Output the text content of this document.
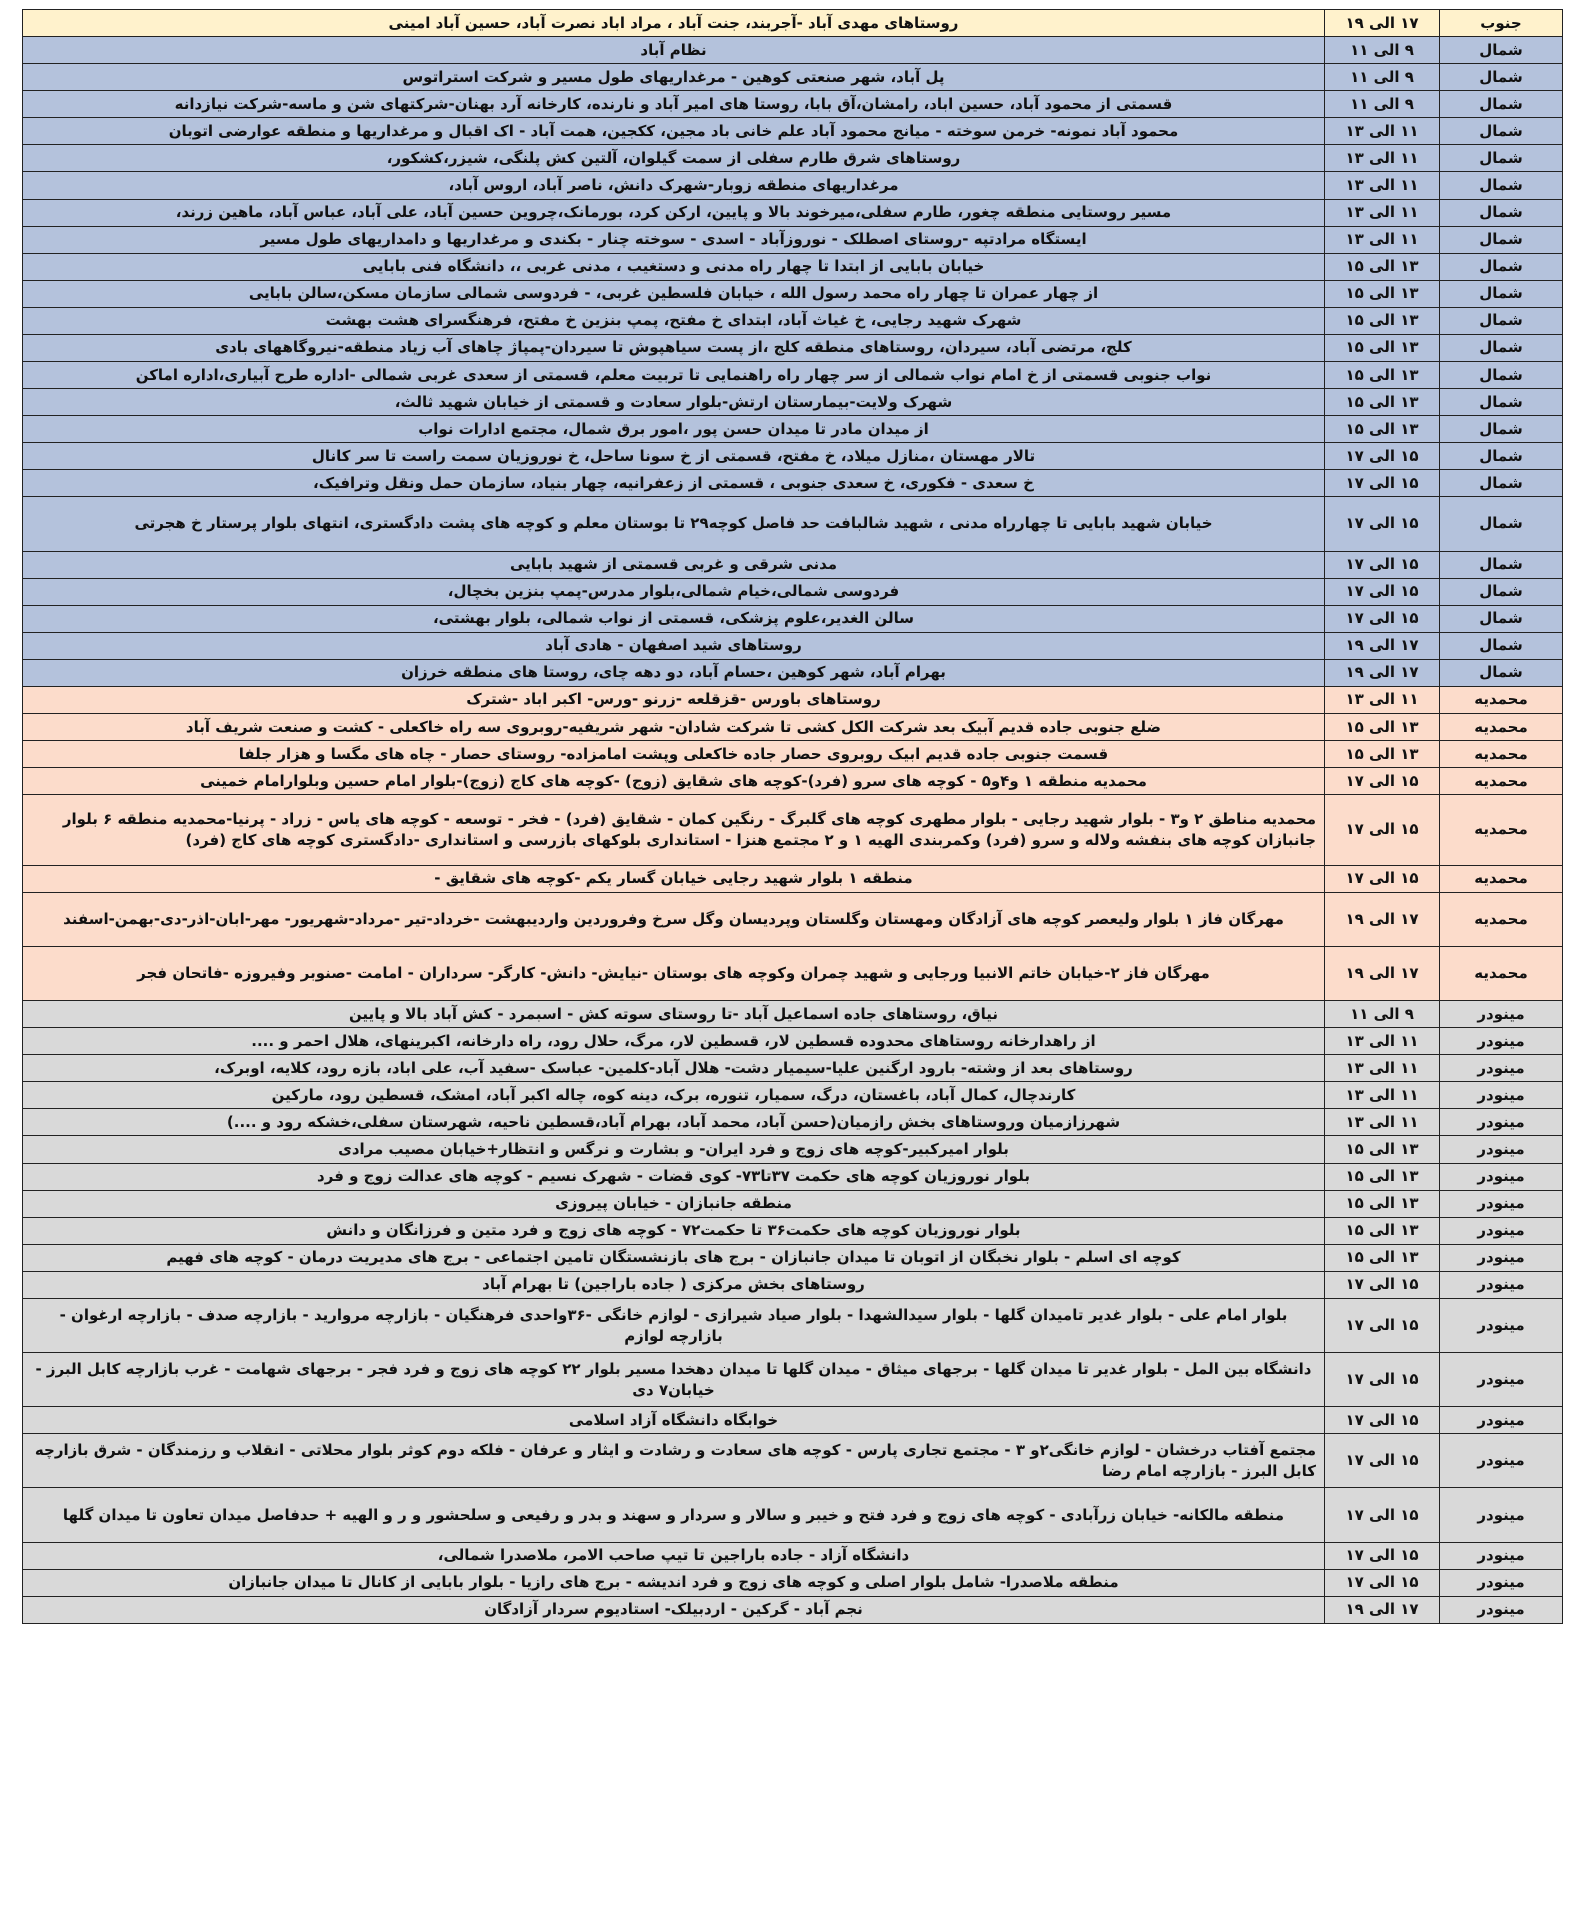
جنوب	۱۷ الی ۱۹	روستاهای مهدی آباد -آجربند، جنت آباد ، مراد اباد نصرت آباد، حسین آباد امینی
شمال	۹ الی ۱۱	نظام آباد
شمال	۹ الی ۱۱	پل آباد، شهر صنعتی کوهین - مرغداریهای طول مسیر و شرکت استراتوس
شمال	۹ الی ۱۱	قسمتی از محمود آباد، حسین اباد، رامشان،آق بابا، روستا های امیر آباد و نارنده، کارخانه آرد بهنان-شرکتهای شن و ماسه-شرکت نیازدانه
شمال	۱۱ الی ۱۳	محمود آباد نمونه- خرمن سوخته - میانج محمود آباد علم خانی باد مجین، ککجین، همت آباد - اک اقبال و مرغداریها و منطقه عوارضی اتوبان
شمال	۱۱ الی ۱۳	روستاهای شرق طارم سفلی از سمت گیلوان، آلتین کش پلنگی، شیزر،کشکور،
شمال	۱۱ الی ۱۳	مرغداریهای منطقه زوبار-شهرک دانش، ناصر آباد، اروس آباد،
شمال	۱۱ الی ۱۳	مسیر روستایی منطقه چغور، طارم سفلی،میرخوند بالا و پایین، ارکن کرد، بورمانک،چروین حسین آباد، علی آباد، عباس آباد، ماهین زرند،
شمال	۱۱ الی ۱۳	ایستگاه مرادتپه -روستای اصطلک - نوروزآباد - اسدی - سوخته چنار - بکندی و مرغداریها و دامداریهای طول مسیر
شمال	۱۳ الی ۱۵	خیابان بابایی از ابتدا تا چهار راه مدنی و دستغیب ، مدنی غربی ،، دانشگاه فنی بابایی
شمال	۱۳ الی ۱۵	از چهار عمران تا چهار راه محمد رسول الله ، خیابان فلسطین غربی، - فردوسی شمالی سازمان مسکن،سالن بابایی
شمال	۱۳ الی ۱۵	شهرک شهید رجایی، خ غیاث آباد، ابتدای خ مفتح، پمپ بنزین خ مفتح، فرهنگسرای هشت بهشت
شمال	۱۳ الی ۱۵	کلج، مرتضی آباد، سیردان، روستاهای منطقه کلج ،از پست سیاهپوش تا سیردان-پمپاژ چاهای آب زیاد منطقه-نیروگاههای بادی
شمال	۱۳ الی ۱۵	نواب جنوبی قسمتی از خ امام نواب شمالی از سر چهار راه راهنمایی تا تربیت معلم، قسمتی از سعدی غربی شمالی -اداره طرح آبیاری،اداره اماکن
شمال	۱۳ الی ۱۵	شهرک ولایت-بیمارستان ارتش-بلوار سعادت و قسمتی از خیابان شهید ثالث،
شمال	۱۳ الی ۱۵	از میدان مادر تا میدان حسن پور ،امور برق شمال، مجتمع ادارات نواب
شمال	۱۵ الی ۱۷	تالار مهستان ،منازل میلاد، خ مفتح، قسمتی از خ سونا ساحل، خ نوروزیان سمت راست تا سر کانال
شمال	۱۵ الی ۱۷	خ سعدی - فکوری، خ سعدی جنوبی ، قسمتی از زعفرانیه، چهار بنیاد، سازمان حمل ونقل وترافیک،
شمال	۱۵ الی ۱۷	خیابان شهید بابایی تا چهارراه مدنی ، شهید شالبافت حد فاصل کوچه۲۹ تا بوستان معلم و کوچه های پشت دادگستری، انتهای بلوار پرستار خ هجرتی
شمال	۱۵ الی ۱۷	مدنی شرقی و غربی قسمتی از شهید بابایی
شمال	۱۵ الی ۱۷	فردوسی شمالی،خیام شمالی،بلوار مدرس-پمپ بنزین بخچال،
شمال	۱۵ الی ۱۷	سالن الغدیر،علوم پزشکی، قسمتی از نواب شمالی، بلوار بهشتی،
شمال	۱۷ الی ۱۹	روستاهای شید اصفهان - هادی آباد
شمال	۱۷ الی ۱۹	بهرام آباد، شهر کوهین ،حسام آباد، دو دهه چای، روستا های منطقه خرزان
محمدیه	۱۱ الی ۱۳	روستاهای باورس -قزقلعه -زرنو -ورس- اکبر اباد -شترک
محمدیه	۱۳ الی ۱۵	ضلع جنوبی جاده قدیم آبیک بعد شرکت الکل کشی تا شرکت شادان- شهر شریفیه-روبروی سه راه خاکعلی - کشت و صنعت شریف آباد
محمدیه	۱۳ الی ۱۵	قسمت جنوبی جاده قدیم ابیک روبروی حصار جاده خاکعلی وپشت امامزاده- روستای حصار - چاه های مگسا و هزار جلفا
محمدیه	۱۵ الی ۱۷	محمدیه منطقه ۱ و۴و۵ - کوچه های سرو (فرد)-کوچه های شقایق (زوج) -کوچه های کاج (زوج)-بلوار امام حسین وبلوارامام خمینی
محمدیه	۱۵ الی ۱۷	محمدیه مناطق ۲ و۳ - بلوار شهید رجایی - بلوار مطهری کوچه های گلبرگ - رنگین کمان - شقایق (فرد) - فخر - توسعه - کوچه های یاس - زراد - پرنیا-محمدیه منطقه ۶ بلوار جانبازان کوچه های بنفشه ولاله و سرو (فرد) وکمربندی الهیه ۱ و ۲ مجتمع هنزا - استانداری بلوکهای بازرسی و استانداری -دادگستری کوچه های کاج (فرد)
محمدیه	۱۵ الی ۱۷	منطقه ۱ بلوار شهید رجایی خیابان گسار یکم -کوچه های شقایق -
محمدیه	۱۷ الی ۱۹	مهرگان فاز ۱ بلوار ولیعصر کوچه های آزادگان ومهستان وگلستان وپردیسان وگل سرخ وفروردین واردیبهشت -خرداد-تیر -مرداد-شهریور- مهر-ابان-اذر-دی-بهمن-اسفند
محمدیه	۱۷ الی ۱۹	مهرگان فاز ۲-خیابان خاتم الانبیا ورجایی و شهید چمران وکوچه های بوستان -نیایش- دانش- کارگر- سرداران - امامت -صنوبر وفیروزه -فاتحان فجر
مینودر	۹ الی ۱۱	نیاق، روستاهای جاده اسماعیل آباد -تا روستای سوته کش - اسبمرد - کش آباد بالا و پایین
مینودر	۱۱ الی ۱۳	از راهدارخانه روستاهای محدوده قسطین لار، قسطین لار، مرگ، حلال رود، راه دارخانه، اکبرینهای، هلال احمر و ....
مینودر	۱۱ الی ۱۳	روستاهای بعد از وشته- بارود ارگنین علیا-سیمیار دشت- هلال آباد-کلمین- عباسک -سفید آب، علی اباد، بازه رود، کلایه، اوبرک،
مینودر	۱۱ الی ۱۳	کارندچال، کمال آباد، باغستان، درگ، سمیار، تنوره، برک، دینه کوه، چاله اکبر آباد، امشک، قسطین رود، مارکین
مینودر	۱۱ الی ۱۳	شهرزازمیان وروستاهای بخش رازمیان(حسن آباد، محمد آباد، بهرام آباد،قسطین ناحیه، شهرستان سفلی،خشکه رود و ....)
مینودر	۱۳ الی ۱۵	بلوار امیرکبیر-کوچه های زوج و فرد ایران- و بشارت و نرگس و انتظار+خیابان مصیب مرادی
مینودر	۱۳ الی ۱۵	بلوار نوروزیان کوچه های حکمت ۳۷تا۷۳- کوی قضات - شهرک نسیم - کوچه های عدالت زوج و فرد
مینودر	۱۳ الی ۱۵	منطقه جانبازان - خیابان پیروزی
مینودر	۱۳ الی ۱۵	بلوار نوروزیان کوچه های حکمت۳۶ تا حکمت۷۲ - کوچه های زوج و فرد متین و فرزانگان و دانش
مینودر	۱۳ الی ۱۵	کوچه ای اسلم - بلوار نخبگان از اتوبان تا میدان جانبازان - برج های بازنشستگان تامین اجتماعی - برج های مدیریت درمان - کوچه های فهیم
مینودر	۱۵ الی ۱۷	روستاهای بخش مرکزی ( جاده باراجین) تا بهرام آباد
مینودر	۱۵ الی ۱۷	بلوار امام علی - بلوار غدیر تامیدان گلها - بلوار سیدالشهدا - بلوار صیاد شیرازی - لوازم خانگی -۳۶واحدی فرهنگیان - بازارچه مروارید - بازارچه صدف - بازارچه ارغوان - بازارچه لوازم
مینودر	۱۵ الی ۱۷	دانشگاه بین المل - بلوار غدیر تا میدان گلها - برجهای میثاق - میدان گلها تا میدان دهخدا مسیر بلوار ۲۲ کوچه های زوج و فرد فجر - برجهای شهامت - غرب بازارچه کابل البرز - خیابان۷ دی
مینودر	۱۵ الی ۱۷	خوابگاه دانشگاه آزاد اسلامی
مینودر	۱۵ الی ۱۷	مجتمع آفتاب درخشان - لوازم خانگی۲و ۳ - مجتمع تجاری پارس - کوچه های سعادت و رشادت و ایثار و عرفان - فلکه دوم کوثر بلوار محلاتی - انقلاب و رزمندگان - شرق بازارچه کابل البرز - بازارچه امام رضا
مینودر	۱۵ الی ۱۷	منطقه مالکانه- خیابان زرآبادی - کوچه های زوج و فرد فتح و خیبر و سالار و سردار و سهند و بدر و رفیعی و سلحشور و ر و الهیه + حدفاصل میدان تعاون تا میدان گلها
مینودر	۱۵ الی ۱۷	دانشگاه آزاد - جاده باراجین تا تیپ صاحب الامر، ملاصدرا شمالی،
مینودر	۱۵ الی ۱۷	منطقه ملاصدرا- شامل بلوار اصلی و کوچه های زوج و فرد اندیشه - برج های رازیا - بلوار بابایی از کانال تا میدان جانبازان
مینودر	۱۷ الی ۱۹	نجم آباد - گرکین - اردبیلک- استادیوم سردار آزادگان
